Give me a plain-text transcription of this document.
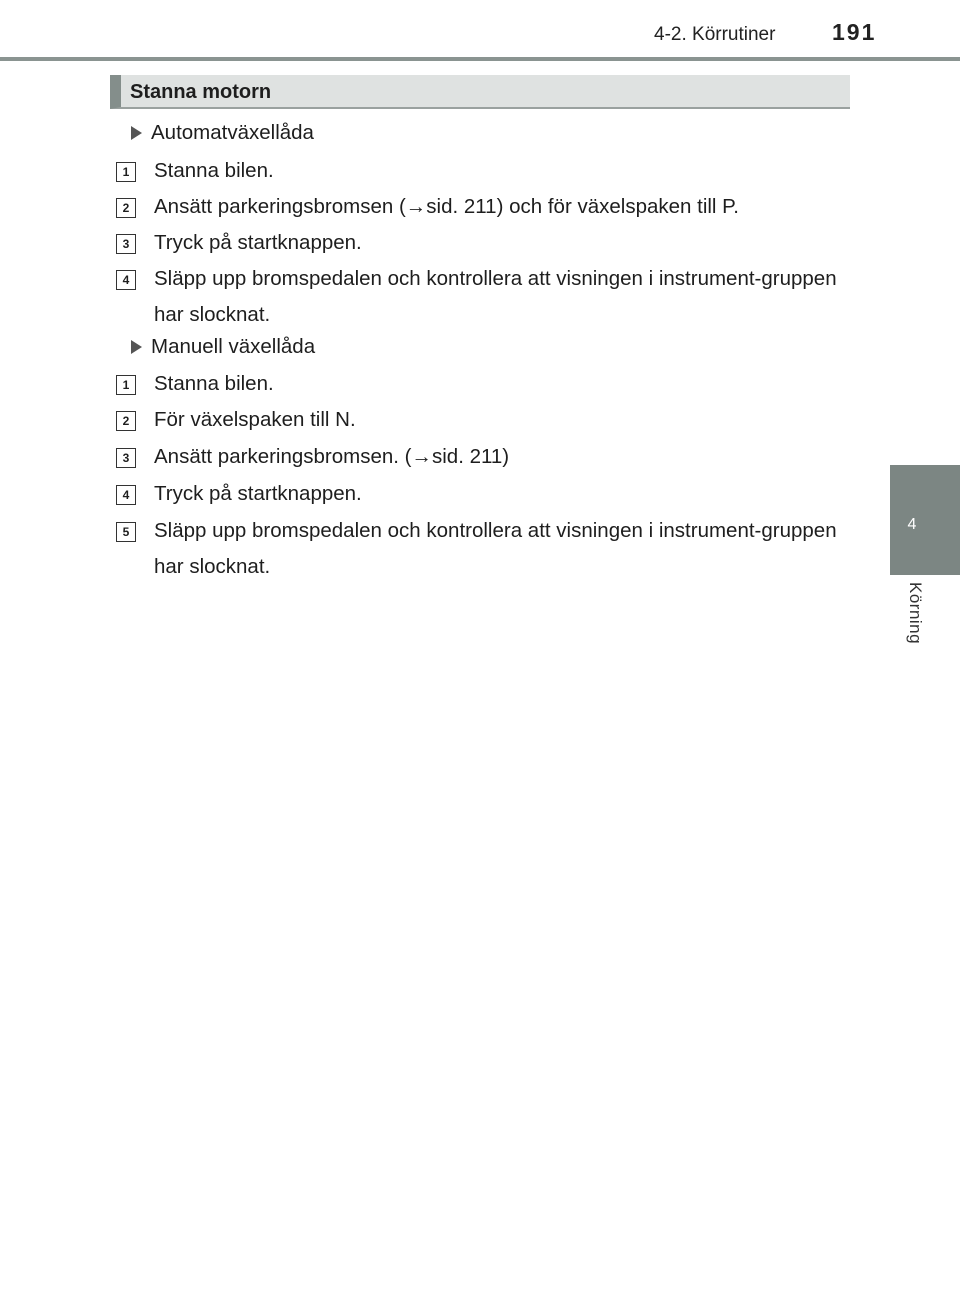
4-2. Körrutiner 191
4
Körning
Stanna motorn
Automatväxellåda
1	Stanna bilen.
2	Ansätt parkeringsbromsen (→sid. 211) och för växelspaken till P.
3	Tryck på startknappen.
4	Släpp upp bromspedalen och kontrollera att visningen i instrument-gruppen har slocknat.
Manuell växellåda
1	Stanna bilen.
2	För växelspaken till N.
3	Ansätt parkeringsbromsen. (→sid. 211)
4	Tryck på startknappen.
5	Släpp upp bromspedalen och kontrollera att visningen i instrument-gruppen har slocknat.
